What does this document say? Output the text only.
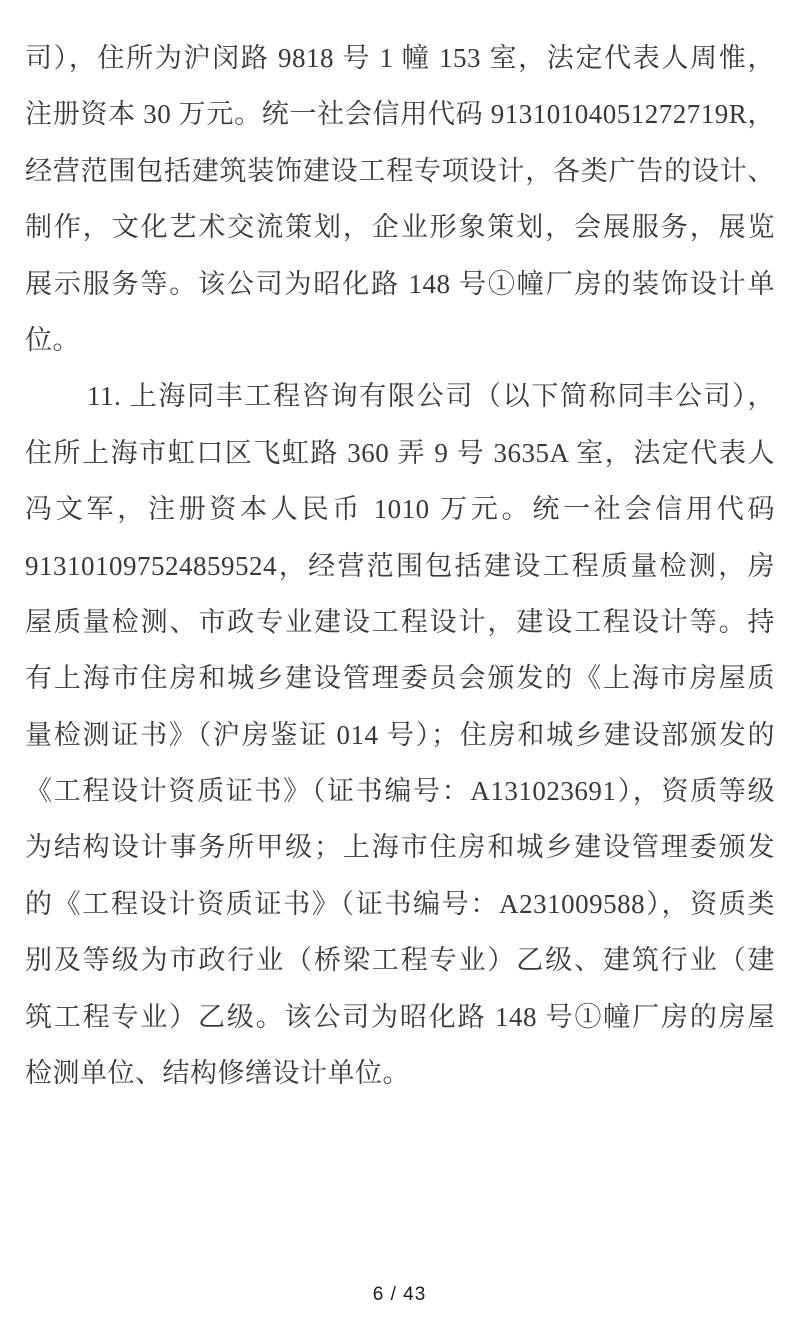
司），住所为沪闵路 9818 号 1 幢 153 室，法定代表人周惟，
注册资本 30 万元。统一社会信用代码 91310104051272719R，
经营范围包括建筑装饰建设工程专项设计，各类广告的设计、
制作，文化艺术交流策划，企业形象策划，会展服务，展览
展示服务等。该公司为昭化路 148 号①幢厂房的装饰设计单
位。
11. 上海同丰工程咨询有限公司（以下简称同丰公司），
住所上海市虹口区飞虹路 360 弄 9 号 3635A 室，法定代表人
冯文军，注册资本人民币 1010 万元。统一社会信用代码
913101097524859524，经营范围包括建设工程质量检测，房
屋质量检测、市政专业建设工程设计，建设工程设计等。持
有上海市住房和城乡建设管理委员会颁发的《上海市房屋质
量检测证书》（沪房鉴证 014 号）；住房和城乡建设部颁发的
《工程设计资质证书》（证书编号：A131023691），资质等级
为结构设计事务所甲级；上海市住房和城乡建设管理委颁发
的《工程设计资质证书》（证书编号：A231009588），资质类
别及等级为市政行业（桥梁工程专业）乙级、建筑行业（建
筑工程专业）乙级。该公司为昭化路 148 号①幢厂房的房屋
检测单位、结构修缮设计单位。
6 / 43
